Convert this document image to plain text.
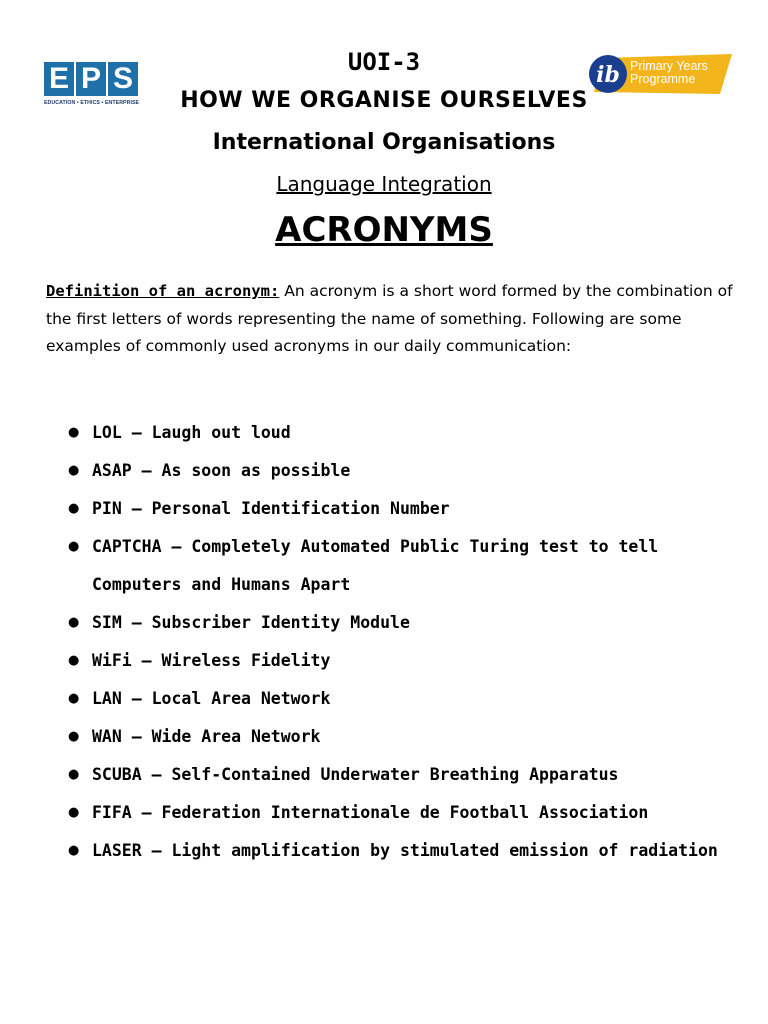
E P S
EDUCATION • ETHICS • ENTERPRISE
ib Primary Years
Programme
UOI-3
HOW WE ORGANISE OURSELVES
International Organisations
Language Integration
ACRONYMS

Definition of an acronym: An acronym is a short word formed by the combination of the first letters of words representing the name of something. Following are some examples of commonly used acronyms in our daily communication:

● LOL – Laugh out loud
● ASAP – As soon as possible
● PIN – Personal Identification Number
● CAPTCHA – Completely Automated Public Turing test to tell Computers and Humans Apart
● SIM – Subscriber Identity Module
● WiFi – Wireless Fidelity
● LAN – Local Area Network
● WAN – Wide Area Network
● SCUBA – Self-Contained Underwater Breathing Apparatus
● FIFA – Federation Internationale de Football Association
● LASER – Light amplification by stimulated emission of radiation
